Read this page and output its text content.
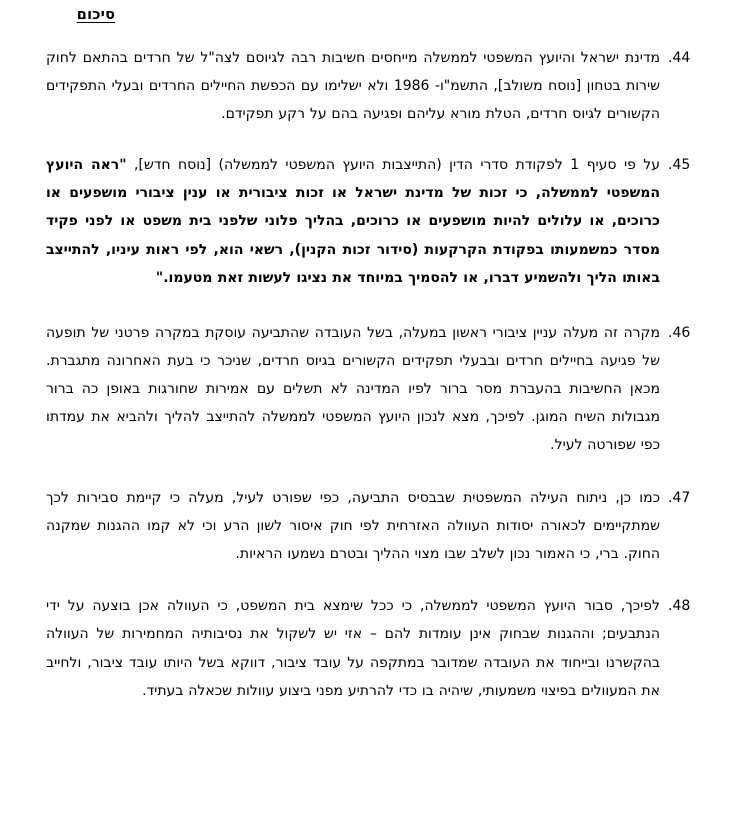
סיכום
.44
מדינת ישראל והיועץ המשפטי לממשלה מייחסים חשיבות רבה לגיוסם לצה"ל של חרדים בהתאם לחוק שירות בטחון [נוסח משולב], התשמ"ו- 1986 ולא ישלימו עם הכפשת החיילים החרדים ובעלי התפקידים הקשורים לגיוס חרדים, הטלת מורא עליהם ופגיעה בהם על רקע תפקידם.
.45
על פי סעיף 1 לפקודת סדרי הדין (התייצבות היועץ המשפטי לממשלה) [נוסח חדש], "ראה היועץ המשפטי לממשלה, כי זכות של מדינת ישראל או זכות ציבורית או ענין ציבורי מושפעים או כרוכים, או עלולים להיות מושפעים או כרוכים, בהליך פלוני שלפני בית משפט או לפני פקיד מסדר כמשמעותו בפקודת הקרקעות (סידור זכות הקנין), רשאי הוא, לפי ראות עיניו, להתייצב באותו הליך ולהשמיע דברו, או להסמיך במיוחד את נציגו לעשות זאת מטעמו."
.46
מקרה זה מעלה עניין ציבורי ראשון במעלה, בשל העובדה שהתביעה עוסקת במקרה פרטני של תופעה של פגיעה בחיילים חרדים ובבעלי תפקידים הקשורים בגיוס חרדים, שניכר כי בעת האחרונה מתגברת. מכאן החשיבות בהעברת מסר ברור לפיו המדינה לא תשלים עם אמירות שחורגות באופן כה ברור מגבולות השיח המוגן. לפיכך, מצא לנכון היועץ המשפטי לממשלה להתייצב להליך ולהביא את עמדתו כפי שפורטה לעיל.
.47
כמו כן, ניתוח העילה המשפטית שבבסיס התביעה, כפי שפורט לעיל, מעלה כי קיימת סבירות לכך שמתקיימים לכאורה יסודות העוולה האזרחית לפי חוק איסור לשון הרע וכי לא קמו ההגנות שמקנה החוק. ברי, כי האמור נכון לשלב שבו מצוי ההליך ובטרם נשמעו הראיות.
.48
לפיכך, סבור היועץ המשפטי לממשלה, כי ככל שימצא בית המשפט, כי העוולה אכן בוצעה על ידי הנתבעים; וההגנות שבחוק אינן עומדות להם – אזי יש לשקול את נסיבותיה המחמירות של העוולה בהקשרנו ובייחוד את העובדה שמדובר במתקפה על עובד ציבור, דווקא בשל היותו עובד ציבור, ולחייב את המעוולים בפיצוי משמעותי, שיהיה בו כדי להרתיע מפני ביצוע עוולות שכאלה בעתיד.
